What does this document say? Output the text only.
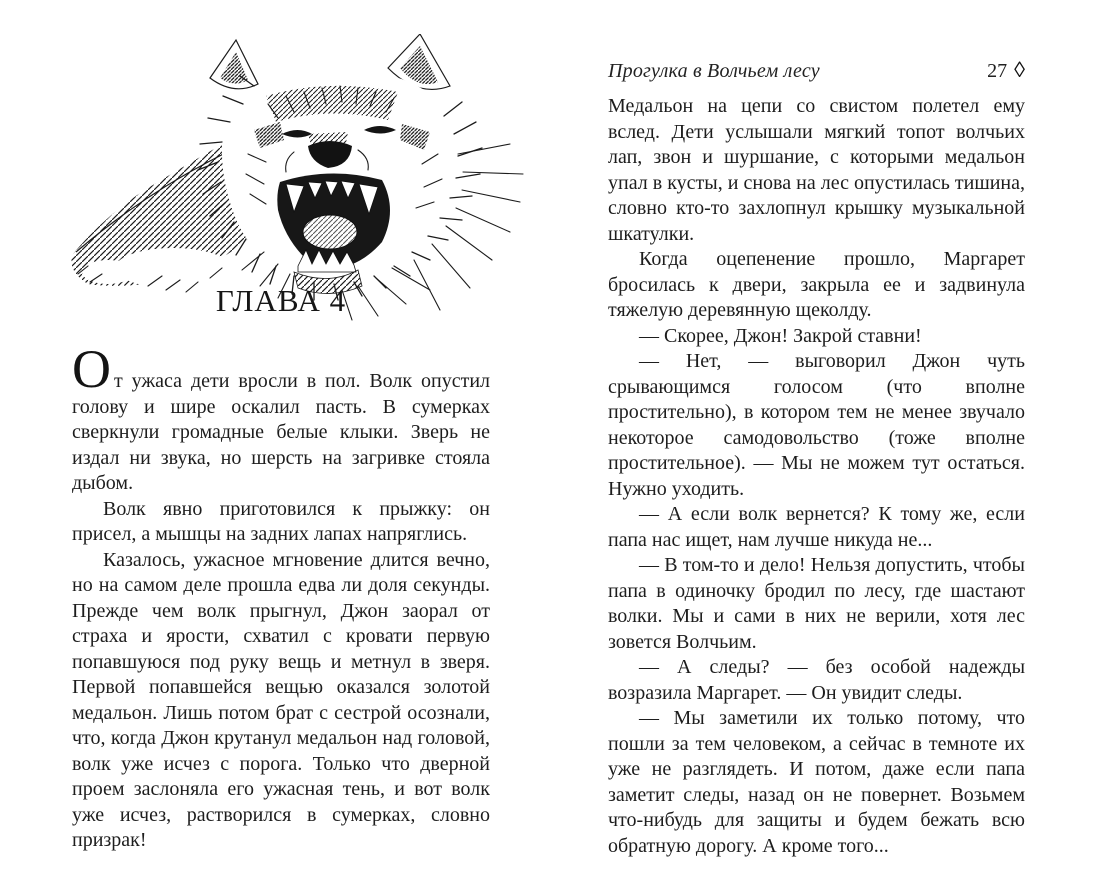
ГЛАВА 4

От ужаса дети вросли в пол. Волк опустил голову и шире оскалил пасть. В сумерках сверкнули громадные белые клыки. Зверь не издал ни звука, но шерсть на загривке стояла дыбом.

Волк явно приготовился к прыжку: он присел, а мышцы на задних лапах напряглись.

Казалось, ужасное мгновение длится вечно, но на самом деле прошла едва ли доля секунды. Прежде чем волк прыгнул, Джон заорал от страха и ярости, схватил с кровати первую попавшуюся под руку вещь и метнул в зверя. Первой попавшейся вещью оказался золотой медальон. Лишь потом брат с сестрой осознали, что, когда Джон крутанул медальон над головой, волк уже исчез с порога. Только что дверной проем заслоняла его ужасная тень, и вот волк уже исчез, растворился в сумерках, словно призрак!

Прогулка в Волчьем лесу	27 ◊

Медальон на цепи со свистом полетел ему вслед. Дети услышали мягкий топот волчьих лап, звон и шуршание, с которыми медальон упал в кусты, и снова на лес опустилась тишина, словно кто-то захлопнул крышку музыкальной шкатулки.

Когда оцепенение прошло, Маргарет бросилась к двери, закрыла ее и задвинула тяжелую деревянную щеколду.

— Скорее, Джон! Закрой ставни!

— Нет, — выговорил Джон чуть срывающимся голосом (что вполне простительно), в котором тем не менее звучало некоторое самодовольство (тоже вполне простительное). — Мы не можем тут остаться. Нужно уходить.

— А если волк вернется? К тому же, если папа нас ищет, нам лучше никуда не...

— В том-то и дело! Нельзя допустить, чтобы папа в одиночку бродил по лесу, где шастают волки. Мы и сами в них не верили, хотя лес зовется Волчьим.

— А следы? — без особой надежды возразила Маргарет. — Он увидит следы.

— Мы заметили их только потому, что пошли за тем человеком, а сейчас в темноте их уже не разглядеть. И потом, даже если папа заметит следы, назад он не повернет. Возьмем что-нибудь для защиты и будем бежать всю обратную дорогу. А кроме того...
